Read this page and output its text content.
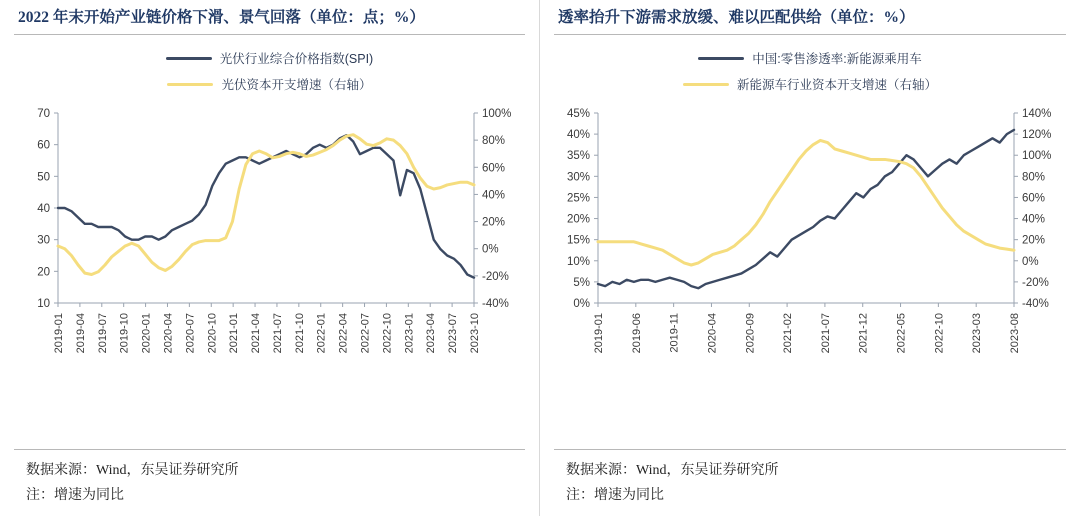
2022 年末开始产业链价格下滑、景气回落（单位：点；%）
光伏行业综合价格指数(SPI)
光伏资本开支增速（右轴）
10
20
30
40
50
60
70
-40%
-20%
0%
20%
40%
60%
80%
100%
2019-01 2019-04 2019-07 2019-10 2020-01 2020-04 2020-07 2020-10 2021-01 2021-04 2021-07 2021-10 2022-01 2022-04 2022-07 2022-10 2023-01 2023-04 2023-07 2023-10
数据来源：Wind，东吴证券研究所
注：增速为同比
透率抬升下游需求放缓、难以匹配供给（单位：%）
中国:零售渗透率:新能源乘用车
新能源车行业资本开支增速（右轴）
0%
5%
10%
15%
20%
25%
30%
35%
40%
45%
-40%
-20%
0%
20%
40%
60%
80%
100%
120%
140%
2019-01 2019-06 2019-11 2020-04 2020-09 2021-02 2021-07 2021-12 2022-05 2022-10 2023-03 2023-08
数据来源：Wind，东吴证券研究所
注：增速为同比
